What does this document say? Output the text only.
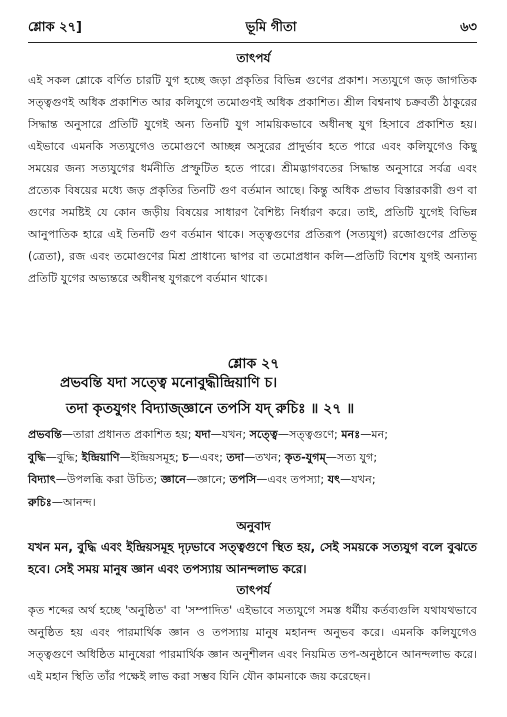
শ্লোক ২৭]	ভূমি গীতা	৬৩
তাৎপর্য
এই সকল শ্লোকে বর্ণিত চারটি যুগ হচ্ছে জড়া প্রকৃতির বিভিন্ন গুণের প্রকাশ। সত্যযুগে জড় জাগতিক সত্ত্বগুণই অধিক প্রকাশিত আর কলিযুগে তমোগুণই অধিক প্রকাশিত। শ্রীল বিশ্বনাথ চক্রবর্তী ঠাকুরের সিদ্ধান্ত অনুসারে প্রতিটি যুগেই অন্য তিনটি যুগ সাময়িকভাবে অধীনস্থ যুগ হিসাবে প্রকাশিত হয়। এইভাবে এমনকি সত্যযুগেও তমোগুণে আচ্ছন্ন অসুরের প্রাদুর্ভাব হতে পারে এবং কলিযুগেও কিছু সময়ের জন্য সত্যযুগের ধর্মনীতি প্রস্ফুটিত হতে পারে। শ্রীমদ্ভাগবতের সিদ্ধান্ত অনুসারে সর্বত্র এবং প্রত্যেক বিষয়ের মধ্যে জড় প্রকৃতির তিনটি গুণ বর্তমান আছে। কিন্তু অধিক প্রভাব বিস্তারকারী গুণ বা গুণের সমষ্টিই যে কোন জড়ীয় বিষয়ের সাধারণ বৈশিষ্ট্য নির্ধারণ করে। তাই, প্রতিটি যুগেই বিভিন্ন আনুপাতিক হারে এই তিনটি গুণ বর্তমান থাকে। সত্ত্বগুণের প্রতিরূপ (সত্যযুগ) রজোগুণের প্রতিভূ (ত্রেতা), রজ এবং তমোগুণের মিশ্র প্রাধান্যে দ্বাপর বা তমোপ্রধান কলি—প্রতিটি বিশেষ যুগই অন্যান্য প্রতিটি যুগের অভ্যন্তরে অধীনস্থ যুগরূপে বর্তমান থাকে।
শ্লোক ২৭
প্রভবন্তি যদা সত্ত্বে মনোবুদ্ধীন্দ্রিয়াণি চ।
তদা কৃতযুগং বিদ্যাজ্জ্ঞানে তপসি যদ্ রুচিঃ ॥ ২৭ ॥
প্রভবন্তি—তারা প্রধানত প্রকাশিত হয়; যদা—যখন; সত্ত্বে—সত্ত্বগুণে; মনঃ—মন;
বুদ্ধি—বুদ্ধি; ইন্দ্রিয়াণি—ইন্দ্রিয়সমূহ; চ—এবং; তদা—তখন; কৃত-যুগম্—সত্য যুগ;
বিদ্যাৎ—উপলব্ধি করা উচিত; জ্ঞানে—জ্ঞানে; তপসি—এবং তপস্যা; যৎ—যখন;
রুচিঃ—আনন্দ।
অনুবাদ
যখন মন, বুদ্ধি এবং ইন্দ্রিয়সমূহ দৃঢ়ভাবে সত্ত্বগুণে স্থিত হয়, সেই সময়কে সত্যযুগ বলে বুঝতে হবে। সেই সময় মানুষ জ্ঞান এবং তপস্যায় আনন্দলাভ করে।
তাৎপর্য
কৃত শব্দের অর্থ হচ্ছে 'অনুষ্ঠিত' বা 'সম্পাদিত' এইভাবে সত্যযুগে সমস্ত ধর্মীয় কর্তব্যগুলি যথাযথভাবে অনুষ্ঠিত হয় এবং পারমার্থিক জ্ঞান ও তপস্যায় মানুষ মহানন্দ অনুভব করে। এমনকি কলিযুগেও সত্ত্বগুণে অধিষ্ঠিত মানুষেরা পারমার্থিক জ্ঞান অনুশীলন এবং নিয়মিত তপ-অনুষ্ঠানে আনন্দলাভ করে। এই মহান স্থিতি তাঁর পক্ষেই লাভ করা সম্ভব যিনি যৌন কামনাকে জয় করেছেন।
